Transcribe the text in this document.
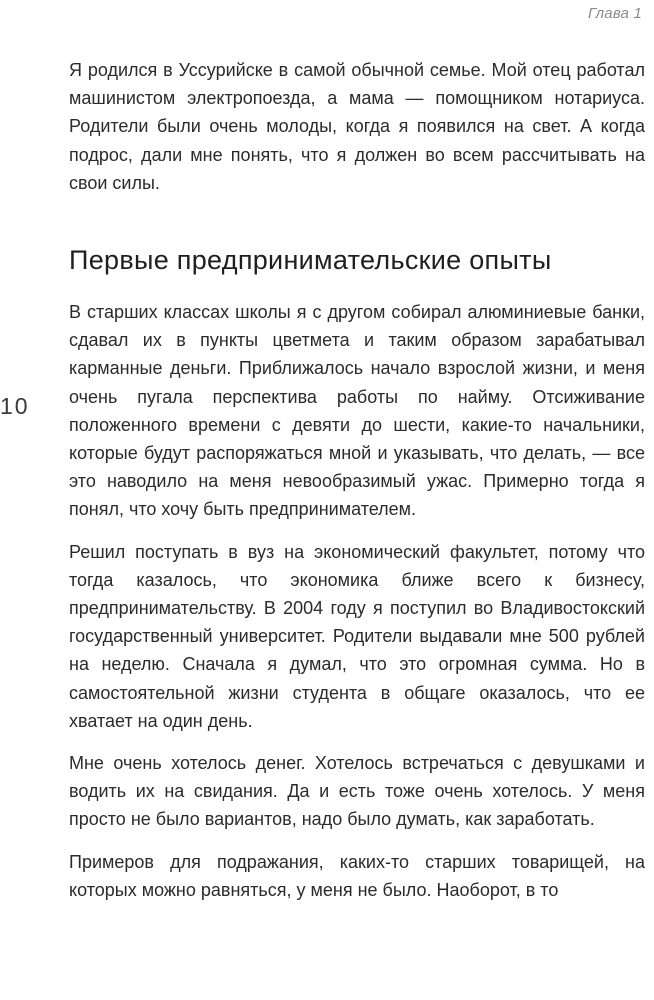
Глава 1
10

Я родился в Уссурийске в самой обычной семье. Мой отец работал машинистом электропоезда, а мама — помощником нотариуса. Родители были очень молоды, когда я появился на свет. А когда подрос, дали мне понять, что я должен во всем рассчитывать на свои силы.

Первые предпринимательские опыты

В старших классах школы я с другом собирал алюминиевые банки, сдавал их в пункты цветмета и таким образом зарабатывал карманные деньги. Приближалось начало взрослой жизни, и меня очень пугала перспектива работы по найму. Отсиживание положенного времени с девяти до шести, какие-то начальники, которые будут распоряжаться мной и указывать, что делать, — все это наводило на меня невообразимый ужас. Примерно тогда я понял, что хочу быть предпринимателем.

Решил поступать в вуз на экономический факультет, потому что тогда казалось, что экономика ближе всего к бизнесу, предпринимательству. В 2004 году я поступил во Владивостокский государственный университет. Родители выдавали мне 500 рублей на неделю. Сначала я думал, что это огромная сумма. Но в самостоятельной жизни студента в общаге оказалось, что ее хватает на один день.

Мне очень хотелось денег. Хотелось встречаться с девушками и водить их на свидания. Да и есть тоже очень хотелось. У меня просто не было вариантов, надо было думать, как заработать.

Примеров для подражания, каких-то старших товарищей, на которых можно равняться, у меня не было. Наоборот, в то
